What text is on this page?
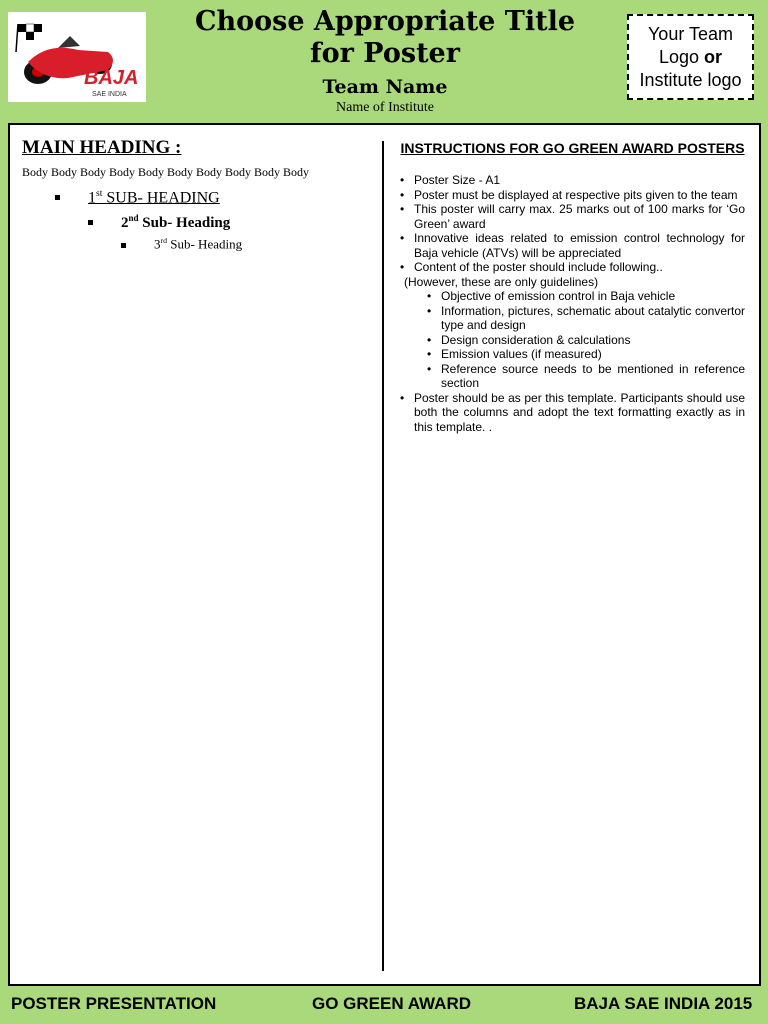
BAJA
SAE INDIA
Choose Appropriate Title for Poster
Team Name
Name of Institute
Your Team
Logo or
Institute logo
MAIN HEADING :
Body Body Body Body Body Body Body Body Body Body
1st SUB- HEADING
2nd Sub- Heading
3rd Sub- Heading
INSTRUCTIONS FOR GO GREEN AWARD POSTERS
• Poster Size - A1
• Poster must be displayed at respective pits given to the team
• This poster will carry max. 25 marks out of 100 marks for ‘Go Green’ award
• Innovative ideas related to emission control technology for Baja vehicle (ATVs) will be appreciated
• Content of the poster should include following..
(However, these are only guidelines)
• Objective of emission control in Baja vehicle
• Information, pictures, schematic about catalytic convertor type and design
• Design consideration & calculations
• Emission values (if measured)
• Reference source needs to be mentioned in reference section
• Poster should be as per this template. Participants should use both the columns and adopt the text formatting exactly as in this template. .
POSTER PRESENTATION	GO GREEN AWARD	BAJA SAE INDIA 2015
